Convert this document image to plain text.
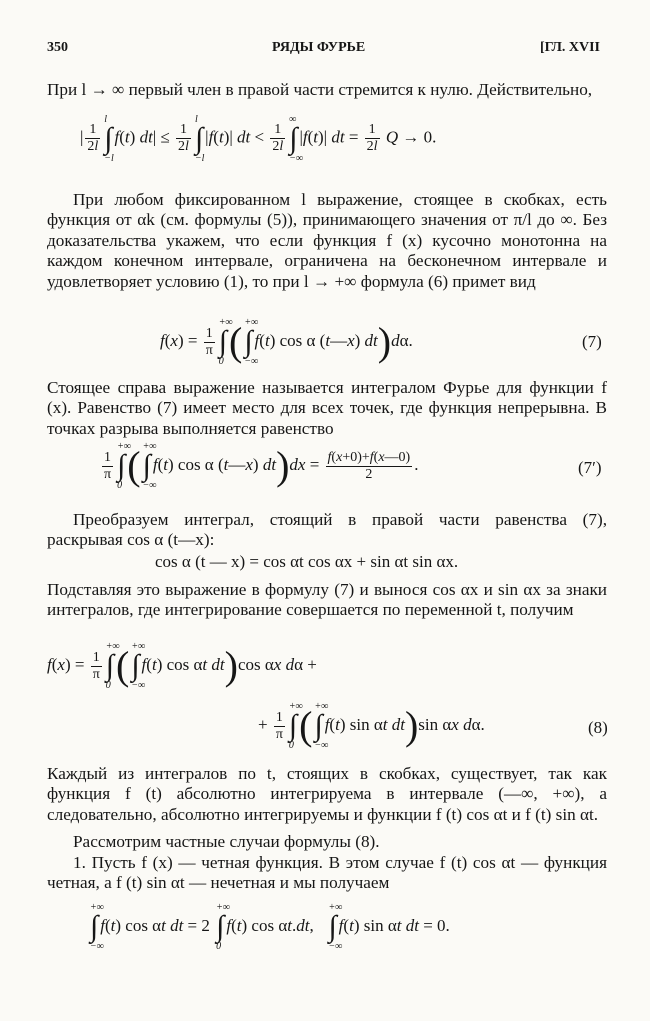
350	РЯДЫ ФУРЬЕ	[ГЛ. XVII

При l → ∞ первый член в правой части стремится к нулю. Действительно,

| $\frac{1}{2l}$
l
∫
−l
f(t) $dt| \le \frac{1}{2l}$
l
∫
−l
|f(t)| dt < $\frac{1}{2l}$
∞
∫
−∞
|f(t)| dt = $\frac{1}{2l}$ Q → 0.

При любом фиксированном l выражение, стоящее в скобках, есть функция от αk (см. формулы (5)), принимающего значения от π/l до ∞. Без доказательства укажем, что если функция f (x) кусочно монотонна на каждом конечном интервале, ограничена на бесконечном интервале и удовлетворяет условию (1), то при l → +∞ формула (6) примет вид

$f(x) = \frac{1}{\pi}$
+∞
∫
0 ( +∞
∫
−∞
f(t) cos α (t—x) dt)dα.	(7)

Стоящее справа выражение называется интегралом Фурье для функции f (x). Равенство (7) имеет место для всех точек, где функция непрерывна. В точках разрыва выполняется равенство

$\frac{1}{\pi}$
+∞
∫
0 ( +∞
∫
−∞
f(t) cos α (t—x) $dt)dx = \frac{f(x+0)+f(x—0)}{2}$ .	(7′)

Преобразуем интеграл, стоящий в правой части равенства (7), раскрывая cos α (t—x):

cos α (t — x) = cos αt cos αx + sin αt sin αx.

Подставляя это выражение в формулу (7) и вынося cos αx и sin αx за знаки интегралов, где интегрирование совершается по переменной t, получим

$f(x) = \frac{1}{\pi}$
+∞
∫
0 ( +∞
∫
−∞
f(t) cos αt dt)cos αx dα +
+ $\frac{1}{\pi}$
+∞
∫
0 ( +∞
∫
−∞
f(t) sin αt dt)sin αx dα.	(8)

Каждый из интегралов по t, стоящих в скобках, существует, так как функция f (t) абсолютно интегрируема в интервале (—∞, +∞), а следовательно, абсолютно интегрируемы и функции f (t) cos αt и f (t) sin αt.

Рассмотрим частные случаи формулы (8).

1. Пусть f (x) — четная функция. В этом случае f (t) cos αt — функция четная, а f (t) sin αt — нечетная и мы получаем

+∞
∫
−∞
f(t) cos αt dt = 2
+∞
∫
0
f(t) cos αt.dt,
+∞
∫
−∞
f(t) sin αt dt = 0.
